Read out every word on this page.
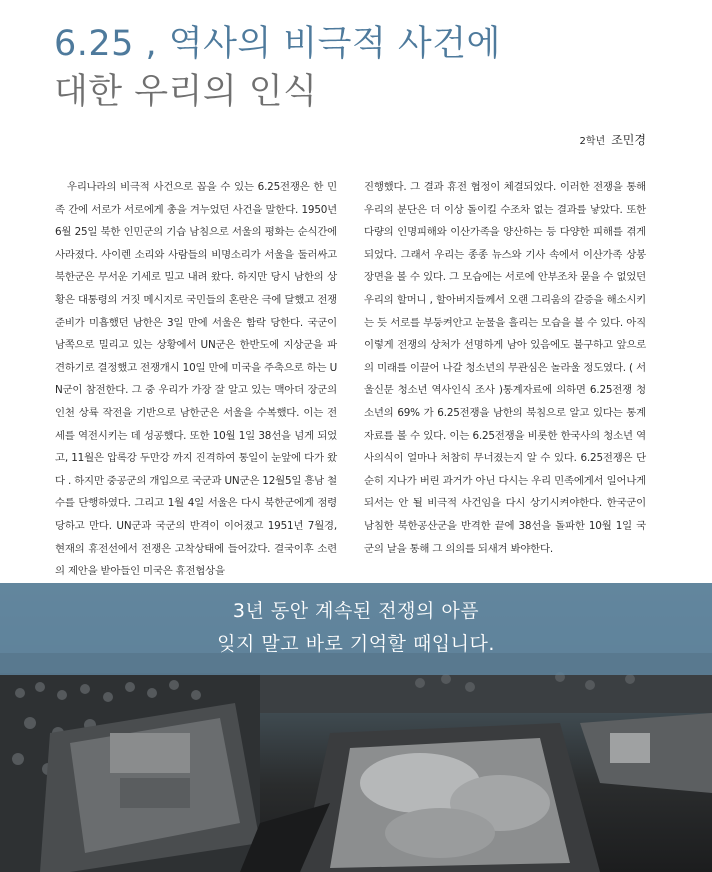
6.25 , 역사의 비극적 사건에
대한 우리의 인식
2학년 조민경

우리나라의 비극적 사건으로 꼽을 수 있는 6.25전쟁은 한 민족 간에 서로가 서로에게 총을 겨누었던 사건을 말한다. 1950년 6월 25일 북한 인민군의 기습 남침으로 서울의 평화는 순식간에 사라졌다. 사이렌 소리와 사람들의 비명소리가 서울을 둘러싸고 북한군은 무서운 기세로 밀고 내려 왔다. 하지만 당시 남한의 상황은 대통령의 거짓 메시지로 국민들의 혼란은 극에 달했고 전쟁준비가 미흡했던 남한은 3일 만에 서울은 함락 당한다. 국군이 남쪽으로 밀리고 있는 상황에서 UN군은 한반도에 지상군을 파견하기로 결정했고 전쟁개시 10일 만에 미국을 주축으로 하는 UN군이 참전한다. 그 중 우리가 가장 잘 알고 있는 맥아더 장군의 인천 상륙 작전을 기반으로 남한군은 서울을 수복했다. 이는 전세를 역전시키는 데 성공했다. 또한 10월 1일 38선을 넘게 되었고, 11월은 압록강 두만강 까지 진격하여 통일이 눈앞에 다가 왔다 . 하지만 중공군의 개입으로 국군과 UN군은 12월5일 흥남 철수를 단행하였다. 그리고 1월 4일 서울은 다시 북한군에게 점령당하고 만다. UN군과 국군의 반격이 이어졌고 1951년 7월경, 현재의 휴전선에서 전쟁은 고착상태에 들어갔다. 결국이후 소련의 제안을 받아들인 미국은 휴전협상을

진행했다. 그 결과 휴전 협정이 체결되었다. 이러한 전쟁을 통해 우리의 분단은 더 이상 돌이킬 수조차 없는 결과를 낳았다. 또한 다량의 인명피해와 이산가족을 양산하는 등 다양한 피해를 겪게 되었다. 그래서 우리는 종종 뉴스와 기사 속에서 이산가족 상봉 장면을 볼 수 있다. 그 모습에는 서로에 안부조차 묻을 수 없었던 우리의 할머니 , 할아버지들께서 오랜 그리움의 갈증을 해소시키는 듯 서로를 부둥켜안고 눈물을 흘리는 모습을 볼 수 있다. 아직 이렇게 전쟁의 상처가 선명하게 남아 있음에도 불구하고 앞으로의 미래를 이끌어 나갈 청소년의 무관심은 놀라울 정도였다. ( 서울신문 청소년 역사인식 조사 )통계자료에 의하면 6.25전쟁 청소년의 69% 가 6.25전쟁을 남한의 북침으로 알고 있다는 통계자료를 볼 수 있다. 이는 6.25전쟁을 비롯한 한국사의 청소년 역사의식이 얼마나 처참히 무너졌는지 알 수 있다. 6.25전쟁은 단순히 지나가 버린 과거가 아닌 다시는 우리 민족에게서 일어나게 되서는 안 될 비극적 사건임을 다시 상기시켜야한다. 한국군이 남침한 북한공산군을 반격한 끝에 38선을 돌파한 10월 1일 국군의 날을 통해 그 의의를 되새겨 봐야한다.

3년 동안 계속된 전쟁의 아픔
잊지 말고 바로 기억할 때입니다.
